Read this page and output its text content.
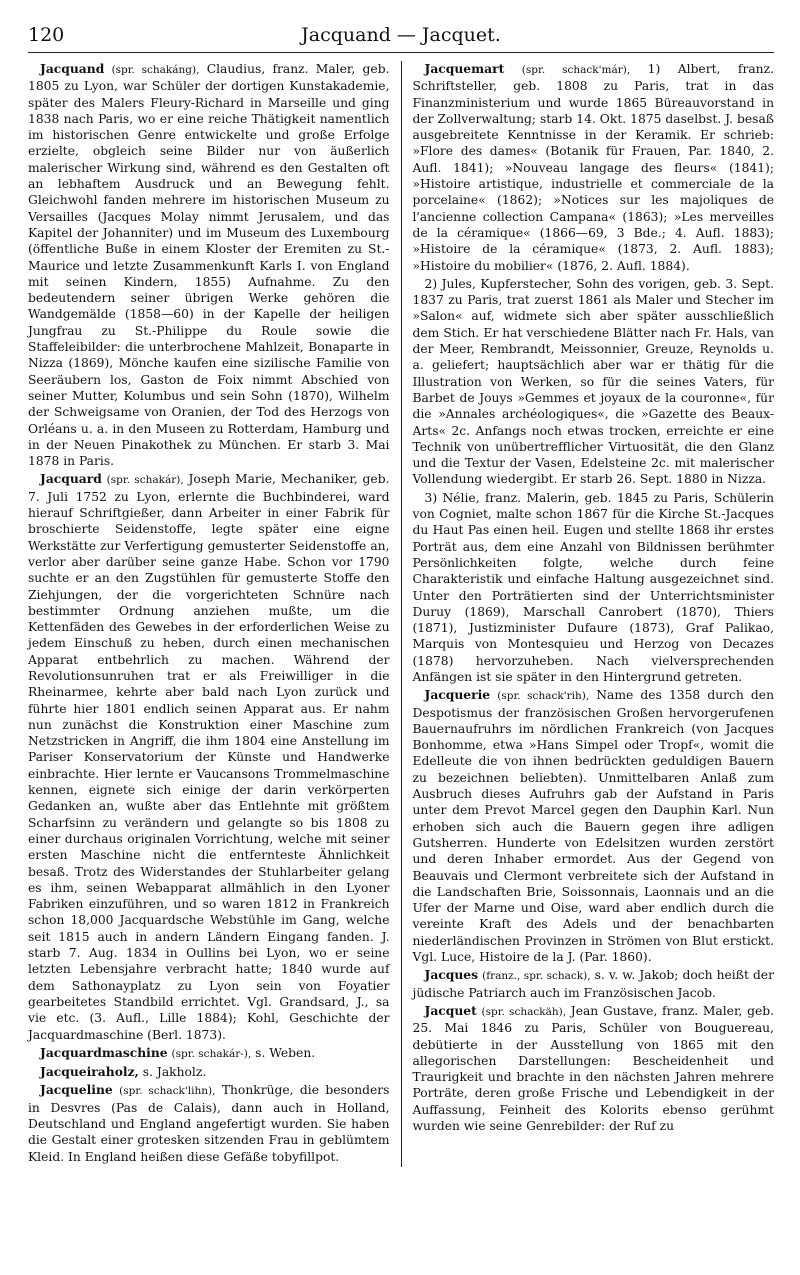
120	Jacquand — Jacquet.

Jacquand (spr. schakáng), Claudius, franz. Maler, geb. 1805 zu Lyon, war Schüler der dortigen Kunstakademie, später des Malers Fleury-Richard in Marseille und ging 1838 nach Paris, wo er eine reiche Thätigkeit namentlich im historischen Genre entwickelte und große Erfolge erzielte, obgleich seine Bilder nur von äußerlich malerischer Wirkung sind, während es den Gestalten oft an lebhaftem Ausdruck und an Bewegung fehlt. Gleichwohl fanden mehrere im historischen Museum zu Versailles (Jacques Molay nimmt Jerusalem, und das Kapitel der Johanniter) und im Museum des Luxembourg (öffentliche Buße in einem Kloster der Eremiten zu St.-Maurice und letzte Zusammenkunft Karls I. von England mit seinen Kindern, 1855) Aufnahme. Zu den bedeutendern seiner übrigen Werke gehören die Wandgemälde (1858—60) in der Kapelle der heiligen Jungfrau zu St.-Philippe du Roule sowie die Staffeleibilder: die unterbrochene Mahlzeit, Bonaparte in Nizza (1869), Mönche kaufen eine sizilische Familie von Seeräubern los, Gaston de Foix nimmt Abschied von seiner Mutter, Kolumbus und sein Sohn (1870), Wilhelm der Schweigsame von Oranien, der Tod des Herzogs von Orléans u. a. in den Museen zu Rotterdam, Hamburg und in der Neuen Pinakothek zu München. Er starb 3. Mai 1878 in Paris.

Jacquard (spr. schakár), Joseph Marie, Mechaniker, geb. 7. Juli 1752 zu Lyon, erlernte die Buchbinderei, ward hierauf Schriftgießer, dann Arbeiter in einer Fabrik für broschierte Seidenstoffe, legte später eine eigne Werkstätte zur Verfertigung gemusterter Seidenstoffe an, verlor aber darüber seine ganze Habe. Schon vor 1790 suchte er an den Zugstühlen für gemusterte Stoffe den Ziehjungen, der die vorgerichteten Schnüre nach bestimmter Ordnung anziehen mußte, um die Kettenfäden des Gewebes in der erforderlichen Weise zu jedem Einschuß zu heben, durch einen mechanischen Apparat entbehrlich zu machen. Während der Revolutionsunruhen trat er als Freiwilliger in die Rheinarmee, kehrte aber bald nach Lyon zurück und führte hier 1801 endlich seinen Apparat aus. Er nahm nun zunächst die Konstruktion einer Maschine zum Netzstricken in Angriff, die ihm 1804 eine Anstellung im Pariser Konservatorium der Künste und Handwerke einbrachte. Hier lernte er Vaucansons Trommelmaschine kennen, eignete sich einige der darin verkörperten Gedanken an, wußte aber das Entlehnte mit größtem Scharfsinn zu verändern und gelangte so bis 1808 zu einer durchaus originalen Vorrichtung, welche mit seiner ersten Maschine nicht die entfernteste Ähnlichkeit besaß. Trotz des Widerstandes der Stuhlarbeiter gelang es ihm, seinen Webapparat allmählich in den Lyoner Fabriken einzuführen, und so waren 1812 in Frankreich schon 18,000 Jacquardsche Webstühle im Gang, welche seit 1815 auch in andern Ländern Eingang fanden. J. starb 7. Aug. 1834 in Oullins bei Lyon, wo er seine letzten Lebensjahre verbracht hatte; 1840 wurde auf dem Sathonayplatz zu Lyon sein von Foyatier gearbeitetes Standbild errichtet. Vgl. Grandsard, J., sa vie etc. (3. Aufl., Lille 1884); Kohl, Geschichte der Jacquardmaschine (Berl. 1873).

Jacquardmaschine (spr. schakár-), s. Weben.

Jacqueiraholz, s. Jakholz.

Jacqueline (spr. schack'lihn), Thonkrüge, die besonders in Desvres (Pas de Calais), dann auch in Holland, Deutschland und England angefertigt wurden. Sie haben die Gestalt einer grotesken sitzenden Frau in geblümtem Kleid. In England heißen diese Gefäße tobyfillpot.

Jacquemart (spr. schack'már), 1) Albert, franz. Schriftsteller, geb. 1808 zu Paris, trat in das Finanzministerium und wurde 1865 Büreauvorstand in der Zollverwaltung; starb 14. Okt. 1875 daselbst. J. besaß ausgebreitete Kenntnisse in der Keramik. Er schrieb: »Flore des dames« (Botanik für Frauen, Par. 1840, 2. Aufl. 1841); »Nouveau langage des fleurs« (1841); »Histoire artistique, industrielle et commerciale de la porcelaine« (1862); »Notices sur les majoliques de l'ancienne collection Campana« (1863); »Les merveilles de la céramique« (1866—69, 3 Bde.; 4. Aufl. 1883); »Histoire de la céramique« (1873, 2. Aufl. 1883); »Histoire du mobilier« (1876, 2. Aufl. 1884).

2) Jules, Kupferstecher, Sohn des vorigen, geb. 3. Sept. 1837 zu Paris, trat zuerst 1861 als Maler und Stecher im »Salon« auf, widmete sich aber später ausschließlich dem Stich. Er hat verschiedene Blätter nach Fr. Hals, van der Meer, Rembrandt, Meissonnier, Greuze, Reynolds u. a. geliefert; hauptsächlich aber war er thätig für die Illustration von Werken, so für die seines Vaters, für Barbet de Jouys »Gemmes et joyaux de la couronne«, für die »Annales archéologiques«, die »Gazette des Beaux-Arts« 2c. Anfangs noch etwas trocken, erreichte er eine Technik von unübertrefflicher Virtuosität, die den Glanz und die Textur der Vasen, Edelsteine 2c. mit malerischer Vollendung wiedergibt. Er starb 26. Sept. 1880 in Nizza.

3) Nélie, franz. Malerin, geb. 1845 zu Paris, Schülerin von Cogniet, malte schon 1867 für die Kirche St.-Jacques du Haut Pas einen heil. Eugen und stellte 1868 ihr erstes Porträt aus, dem eine Anzahl von Bildnissen berühmter Persönlichkeiten folgte, welche durch feine Charakteristik und einfache Haltung ausgezeichnet sind. Unter den Porträtierten sind der Unterrichtsminister Duruy (1869), Marschall Canrobert (1870), Thiers (1871), Justizminister Dufaure (1873), Graf Palikao, Marquis von Montesquieu und Herzog von Decazes (1878) hervorzuheben. Nach vielversprechenden Anfängen ist sie später in den Hintergrund getreten.

Jacquerie (spr. schack'rih), Name des 1358 durch den Despotismus der französischen Großen hervorgerufenen Bauernaufruhrs im nördlichen Frankreich (von Jacques Bonhomme, etwa »Hans Simpel oder Tropf«, womit die Edelleute die von ihnen bedrückten geduldigen Bauern zu bezeichnen beliebten). Unmittelbaren Anlaß zum Ausbruch dieses Aufruhrs gab der Aufstand in Paris unter dem Prevot Marcel gegen den Dauphin Karl. Nun erhoben sich auch die Bauern gegen ihre adligen Gutsherren. Hunderte von Edelsitzen wurden zerstört und deren Inhaber ermordet. Aus der Gegend von Beauvais und Clermont verbreitete sich der Aufstand in die Landschaften Brie, Soissonnais, Laonnais und an die Ufer der Marne und Oise, ward aber endlich durch die vereinte Kraft des Adels und der benachbarten niederländischen Provinzen in Strömen von Blut erstickt. Vgl. Luce, Histoire de la J. (Par. 1860).

Jacques (franz., spr. schack), s. v. w. Jakob; doch heißt der jüdische Patriarch auch im Französischen Jacob.

Jacquet (spr. schackäh), Jean Gustave, franz. Maler, geb. 25. Mai 1846 zu Paris, Schüler von Bouguereau, debütierte in der Ausstellung von 1865 mit den allegorischen Darstellungen: Bescheidenheit und Traurigkeit und brachte in den nächsten Jahren mehrere Porträte, deren große Frische und Lebendigkeit in der Auffassung, Feinheit des Kolorits ebenso gerühmt wurden wie seine Genrebilder: der Ruf zu
